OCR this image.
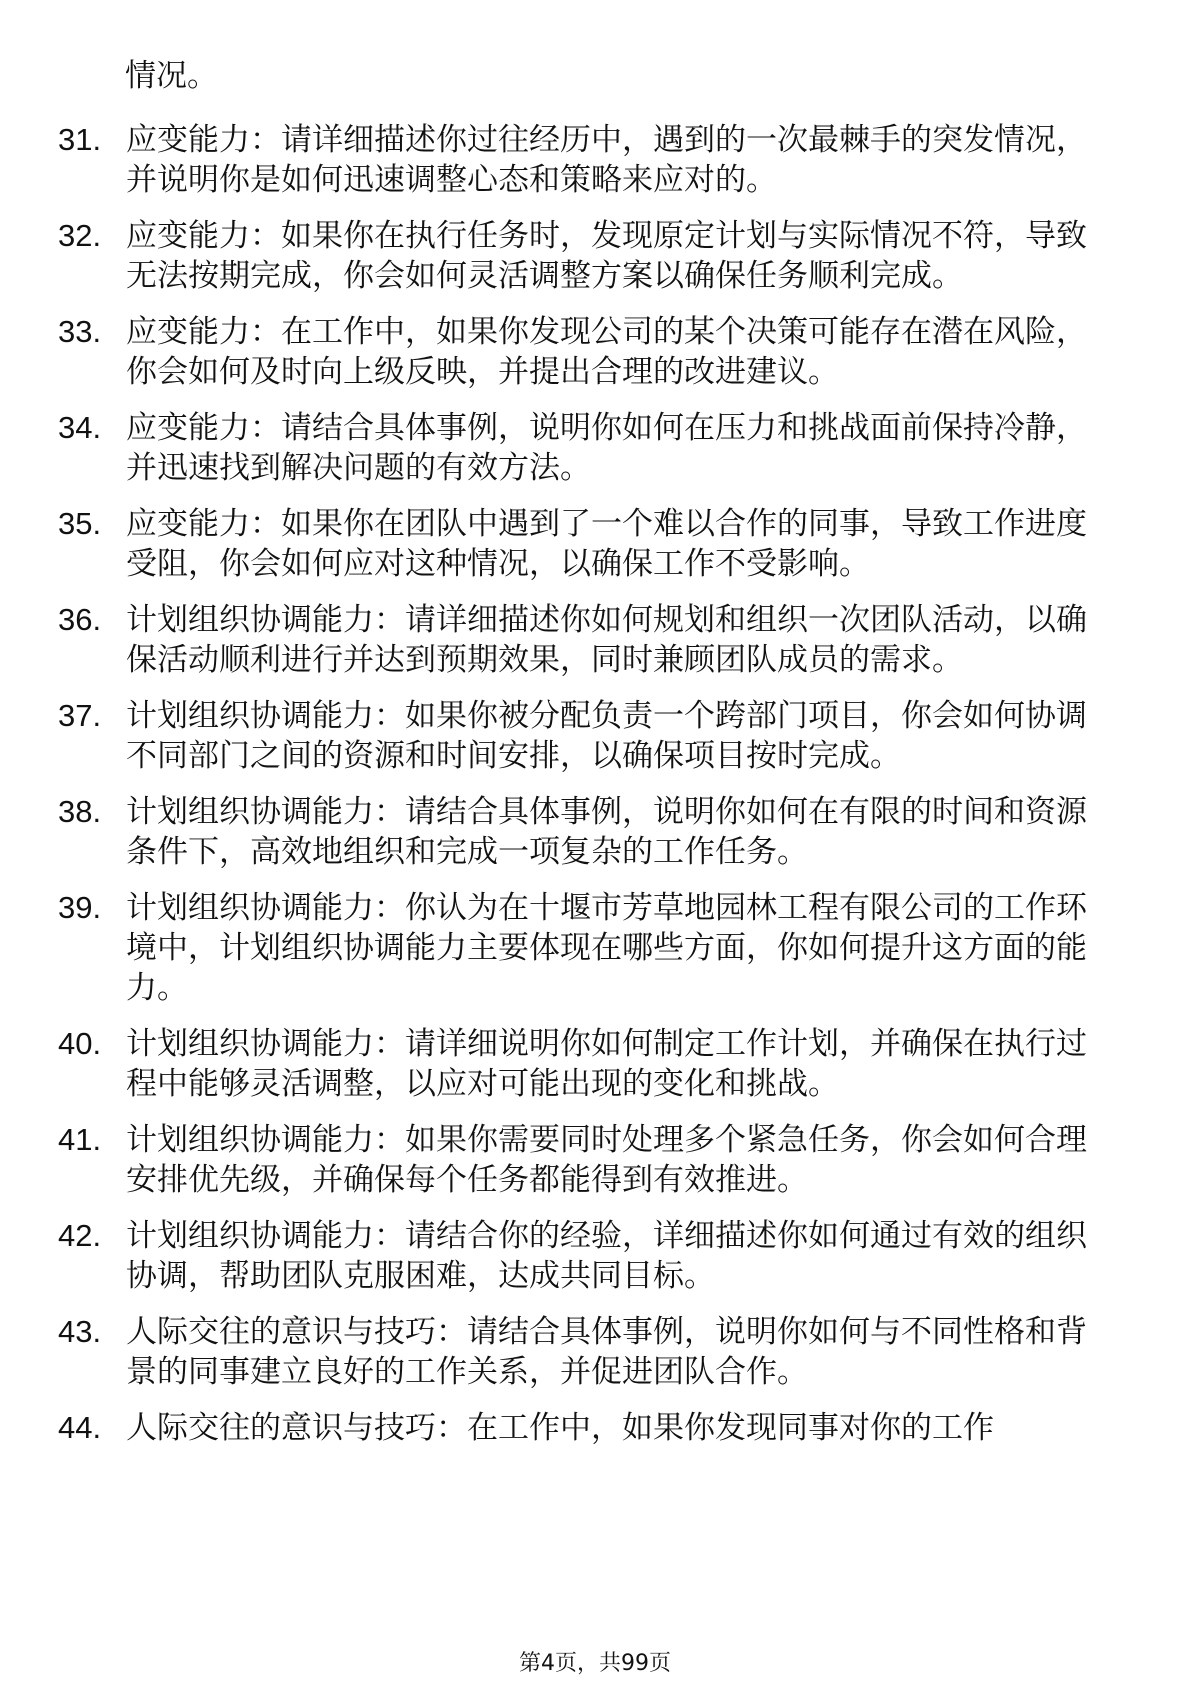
情况。
31. 应变能力：请详细描述你过往经历中，遇到的一次最棘手的突发情况，并说明你是如何迅速调整心态和策略来应对的。
32. 应变能力：如果你在执行任务时，发现原定计划与实际情况不符，导致无法按期完成，你会如何灵活调整方案以确保任务顺利完成。
33. 应变能力：在工作中，如果你发现公司的某个决策可能存在潜在风险，你会如何及时向上级反映，并提出合理的改进建议。
34. 应变能力：请结合具体事例，说明你如何在压力和挑战面前保持冷静，并迅速找到解决问题的有效方法。
35. 应变能力：如果你在团队中遇到了一个难以合作的同事，导致工作进度受阻，你会如何应对这种情况，以确保工作不受影响。
36. 计划组织协调能力：请详细描述你如何规划和组织一次团队活动，以确保活动顺利进行并达到预期效果，同时兼顾团队成员的需求。
37. 计划组织协调能力：如果你被分配负责一个跨部门项目，你会如何协调不同部门之间的资源和时间安排，以确保项目按时完成。
38. 计划组织协调能力：请结合具体事例，说明你如何在有限的时间和资源条件下，高效地组织和完成一项复杂的工作任务。
39. 计划组织协调能力：你认为在十堰市芳草地园林工程有限公司的工作环境中，计划组织协调能力主要体现在哪些方面，你如何提升这方面的能力。
40. 计划组织协调能力：请详细说明你如何制定工作计划，并确保在执行过程中能够灵活调整，以应对可能出现的变化和挑战。
41. 计划组织协调能力：如果你需要同时处理多个紧急任务，你会如何合理安排优先级，并确保每个任务都能得到有效推进。
42. 计划组织协调能力：请结合你的经验，详细描述你如何通过有效的组织协调，帮助团队克服困难，达成共同目标。
43. 人际交往的意识与技巧：请结合具体事例，说明你如何与不同性格和背景的同事建立良好的工作关系，并促进团队合作。
44. 人际交往的意识与技巧：在工作中，如果你发现同事对你的工作
第4页，共99页
